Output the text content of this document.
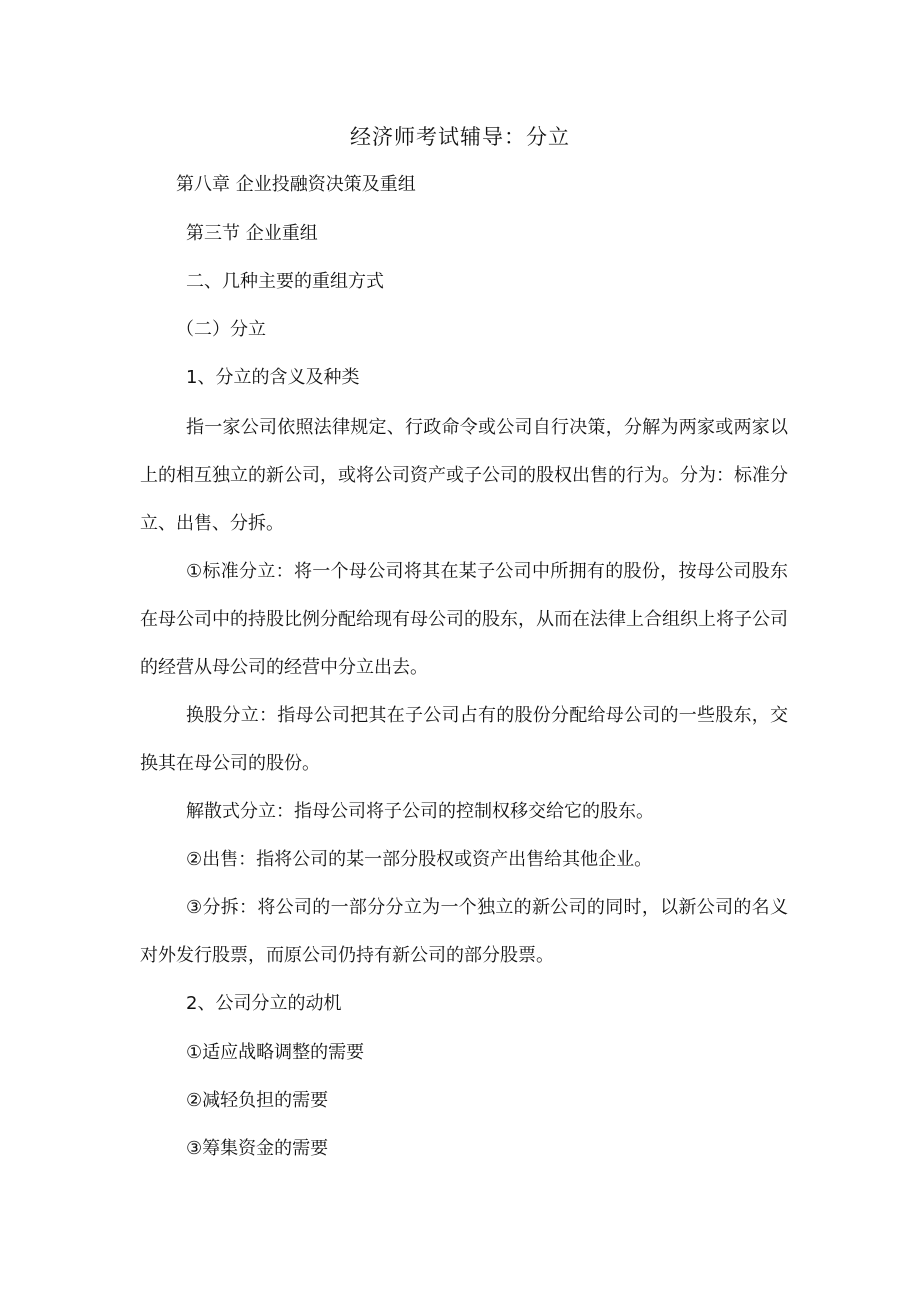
经济师考试辅导：分立
第八章 企业投融资决策及重组
第三节 企业重组
二、几种主要的重组方式
（二）分立
1、分立的含义及种类
指一家公司依照法律规定、行政命令或公司自行决策，分解为两家或两家以上的相互独立的新公司，或将公司资产或子公司的股权出售的行为。分为：标准分立、出售、分拆。
①标准分立：将一个母公司将其在某子公司中所拥有的股份，按母公司股东在母公司中的持股比例分配给现有母公司的股东，从而在法律上合组织上将子公司的经营从母公司的经营中分立出去。
换股分立：指母公司把其在子公司占有的股份分配给母公司的一些股东，交换其在母公司的股份。
解散式分立：指母公司将子公司的控制权移交给它的股东。
②出售：指将公司的某一部分股权或资产出售给其他企业。
③分拆：将公司的一部分分立为一个独立的新公司的同时，以新公司的名义对外发行股票，而原公司仍持有新公司的部分股票。
2、公司分立的动机
①适应战略调整的需要
②减轻负担的需要
③筹集资金的需要
